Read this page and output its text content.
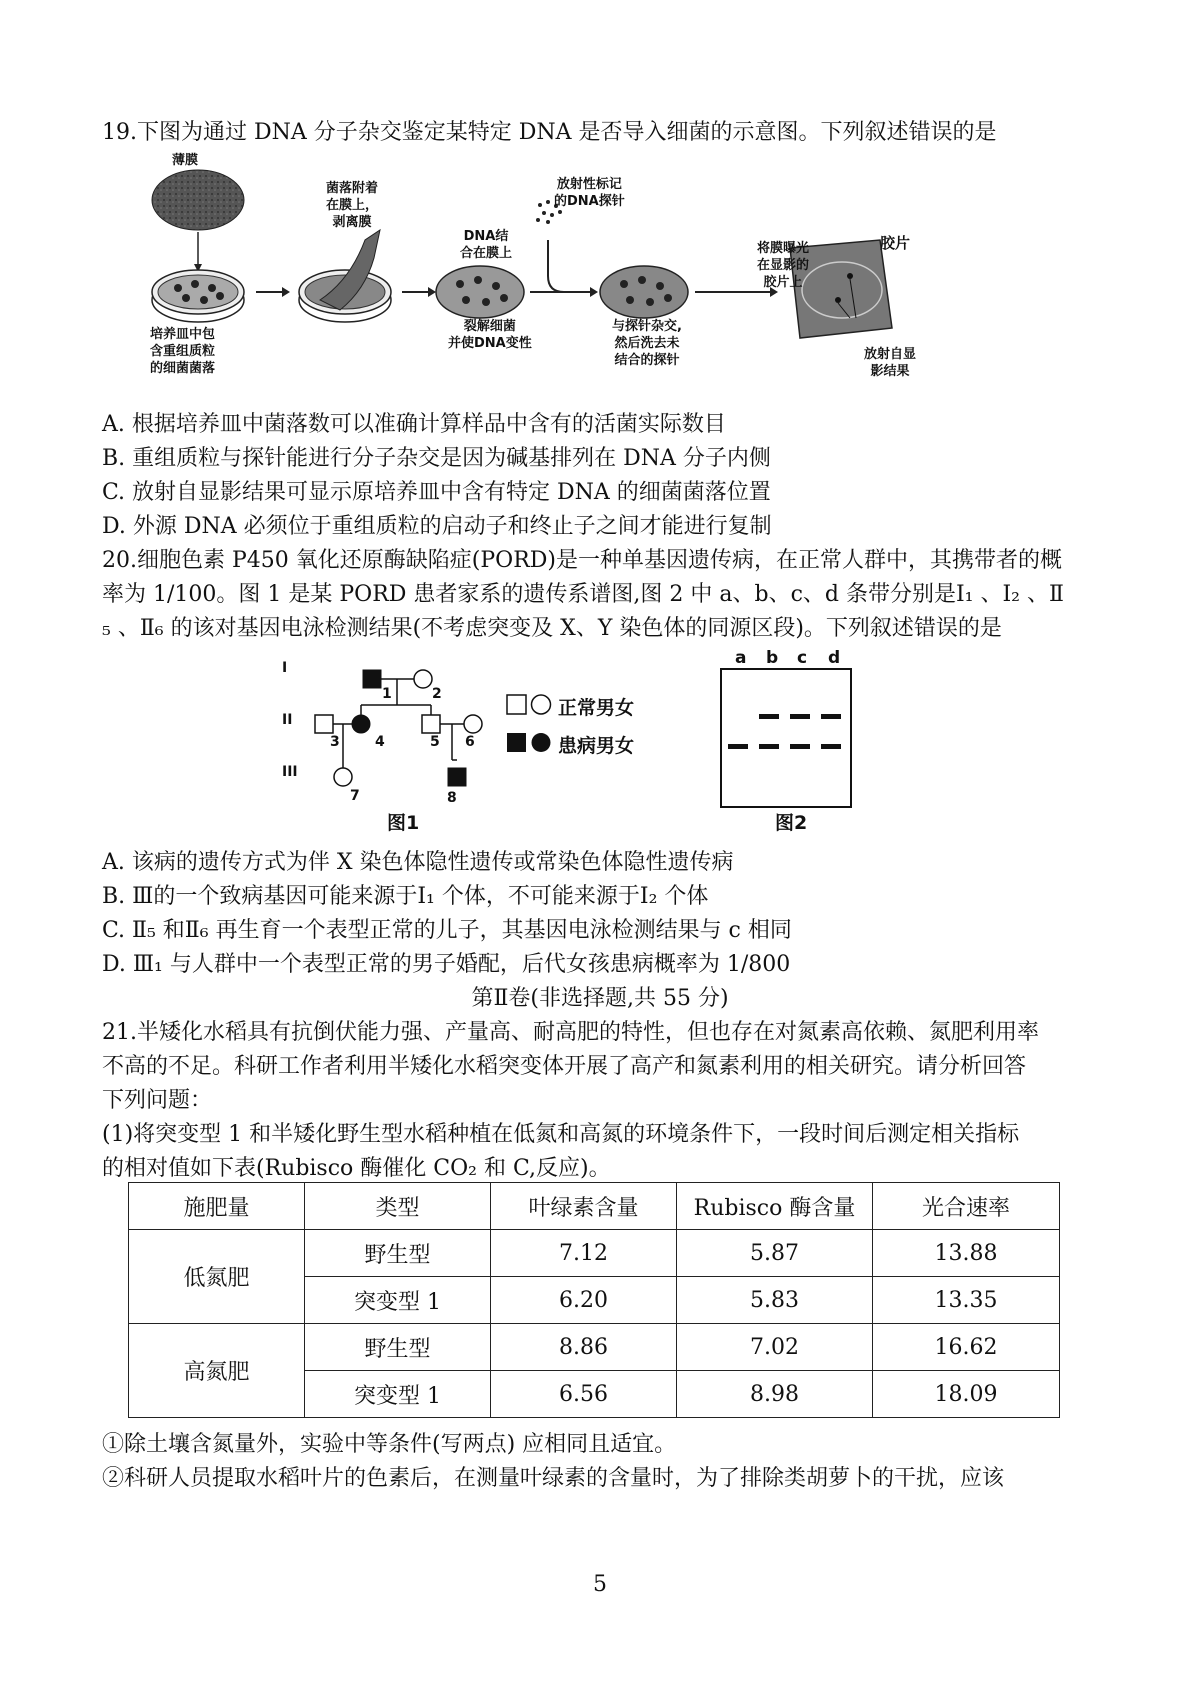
19.下图为通过 DNA 分子杂交鉴定某特定 DNA 是否导入细菌的示意图。下列叙述错误的是
薄膜
培养皿中包
含重组质粒
的细菌菌落
菌落附着
在膜上，
剥离膜
DNA结
合在膜上
裂解细菌
并使DNA变性
放射性标记
的DNA探针
与探针杂交,
然后洗去未
结合的探针
将膜曝光
在显影的
胶片上
胶片
放射自显
影结果
A. 根据培养皿中菌落数可以准确计算样品中含有的活菌实际数目
B. 重组质粒与探针能进行分子杂交是因为碱基排列在 DNA 分子内侧
C. 放射自显影结果可显示原培养皿中含有特定 DNA 的细菌菌落位置
D. 外源 DNA 必须位于重组质粒的启动子和终止子之间才能进行复制
20.细胞色素 P450 氧化还原酶缺陷症(PORD)是一种单基因遗传病，在正常人群中，其携带者的概
率为 1/100。图 1 是某 PORD 患者家系的遗传系谱图,图 2 中 a、b、c、d 条带分别是Ⅰ₁ 、I₂ 、Ⅱ
₅ 、Ⅱ₆ 的该对基因电泳检测结果(不考虑突变及 X、Y 染色体的同源区段)。下列叙述错误的是
I
II
III
1	2
3	4	5 6
7	8
正常男女
患病男女
图1
a b c d
图2
A. 该病的遗传方式为伴 X 染色体隐性遗传或常染色体隐性遗传病
B. Ⅲ的一个致病基因可能来源于Ⅰ₁ 个体，不可能来源于Ⅰ₂ 个体
C. Ⅱ₅ 和Ⅱ₆ 再生育一个表型正常的儿子，其基因电泳检测结果与 c 相同
D. Ⅲ₁ 与人群中一个表型正常的男子婚配，后代女孩患病概率为 1/800
第Ⅱ卷(非选择题,共 55 分)
21.半矮化水稻具有抗倒伏能力强、产量高、耐高肥的特性，但也存在对氮素高依赖、氮肥利用率
不高的不足。科研工作者利用半矮化水稻突变体开展了高产和氮素利用的相关研究。请分析回答
下列问题：
(1)将突变型 1 和半矮化野生型水稻种植在低氮和高氮的环境条件下，一段时间后测定相关指标
的相对值如下表(Rubisco 酶催化 CO₂ 和 C,反应)。
施肥量	类型	叶绿素含量	Rubisco 酶含量	光合速率
低氮肥	野生型	7.12	5.87	13.88
	突变型 1	6.20	5.83	13.35
高氮肥	野生型	8.86	7.02	16.62
	突变型 1	6.56	8.98	18.09
①除土壤含氮量外，实验中等条件(写两点) 应相同且适宜。
②科研人员提取水稻叶片的色素后，在测量叶绿素的含量时，为了排除类胡萝卜的干扰，应该
5
